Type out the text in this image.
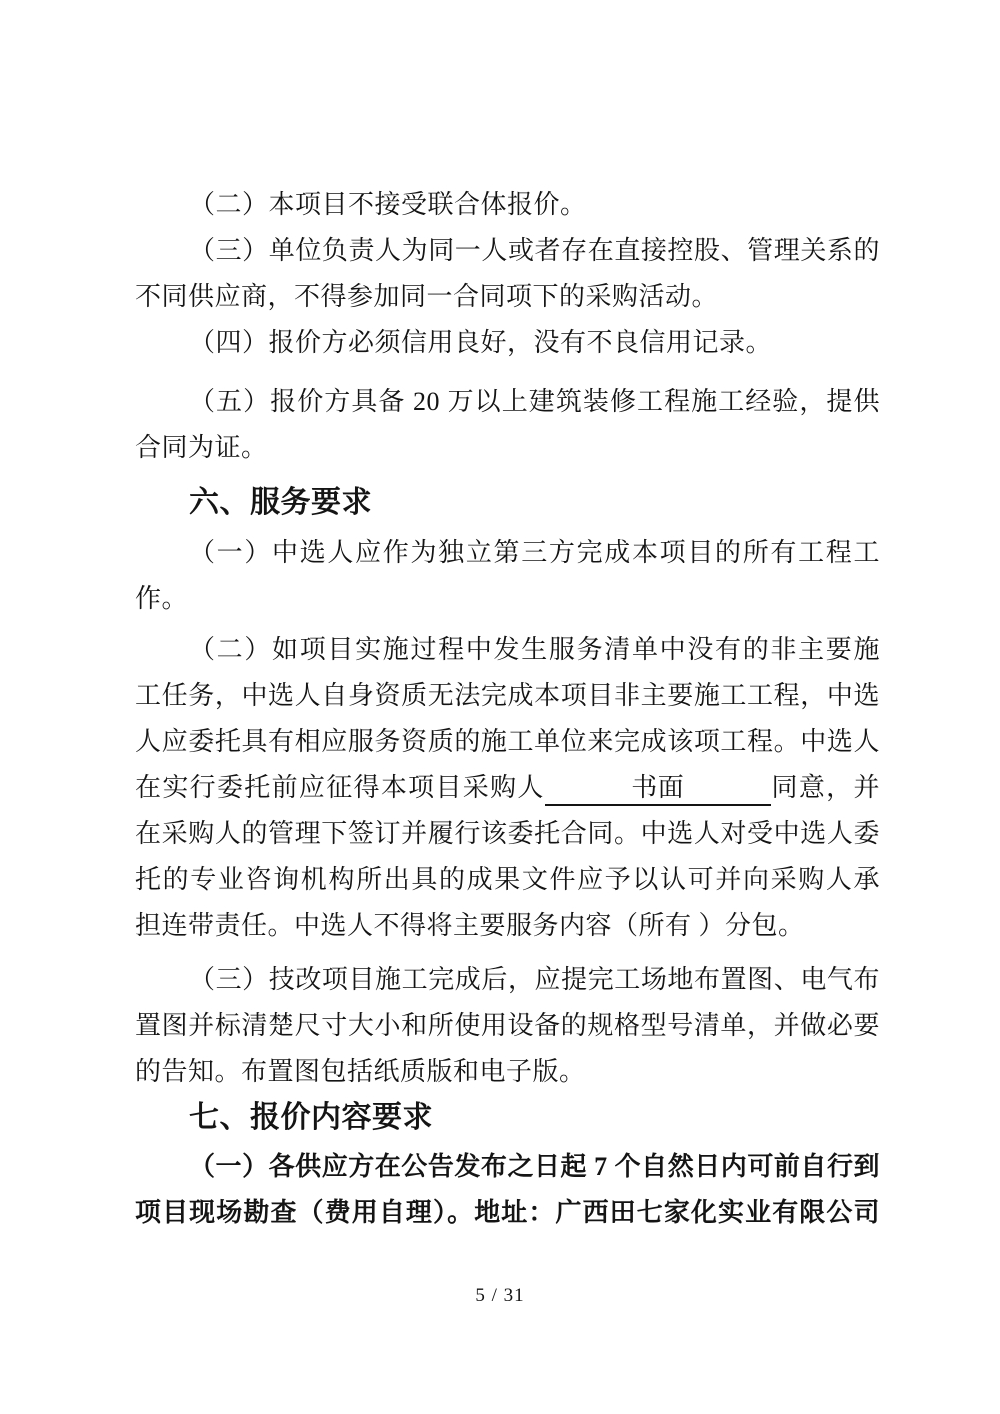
（二）本项目不接受联合体报价。
（三）单位负责人为同一人或者存在直接控股、管理关系的
不同供应商，不得参加同一合同项下的采购活动。
（四）报价方必须信用良好，没有不良信用记录。
（五）报价方具备 20 万以上建筑装修工程施工经验，提供
合同为证。
六、服务要求
（一）中选人应作为独立第三方完成本项目的所有工程工
作。
（二）如项目实施过程中发生服务清单中没有的非主要施
工任务，中选人自身资质无法完成本项目非主要施工工程，中选
人应委托具有相应服务资质的施工单位来完成该项工程。中选人
在实行委托前应征得本项目采购人	书面	同意，并
在采购人的管理下签订并履行该委托合同。中选人对受中选人委
托的专业咨询机构所出具的成果文件应予以认可并向采购人承
担连带责任。中选人不得将主要服务内容（所有 ）分包。
（三）技改项目施工完成后，应提完工场地布置图、电气布
置图并标清楚尺寸大小和所使用设备的规格型号清单，并做必要
的告知。布置图包括纸质版和电子版。
七、报价内容要求
（一）各供应方在公告发布之日起 7 个自然日内可前自行到
项目现场勘查（费用自理）。地址：广西田七家化实业有限公司
5 / 31
